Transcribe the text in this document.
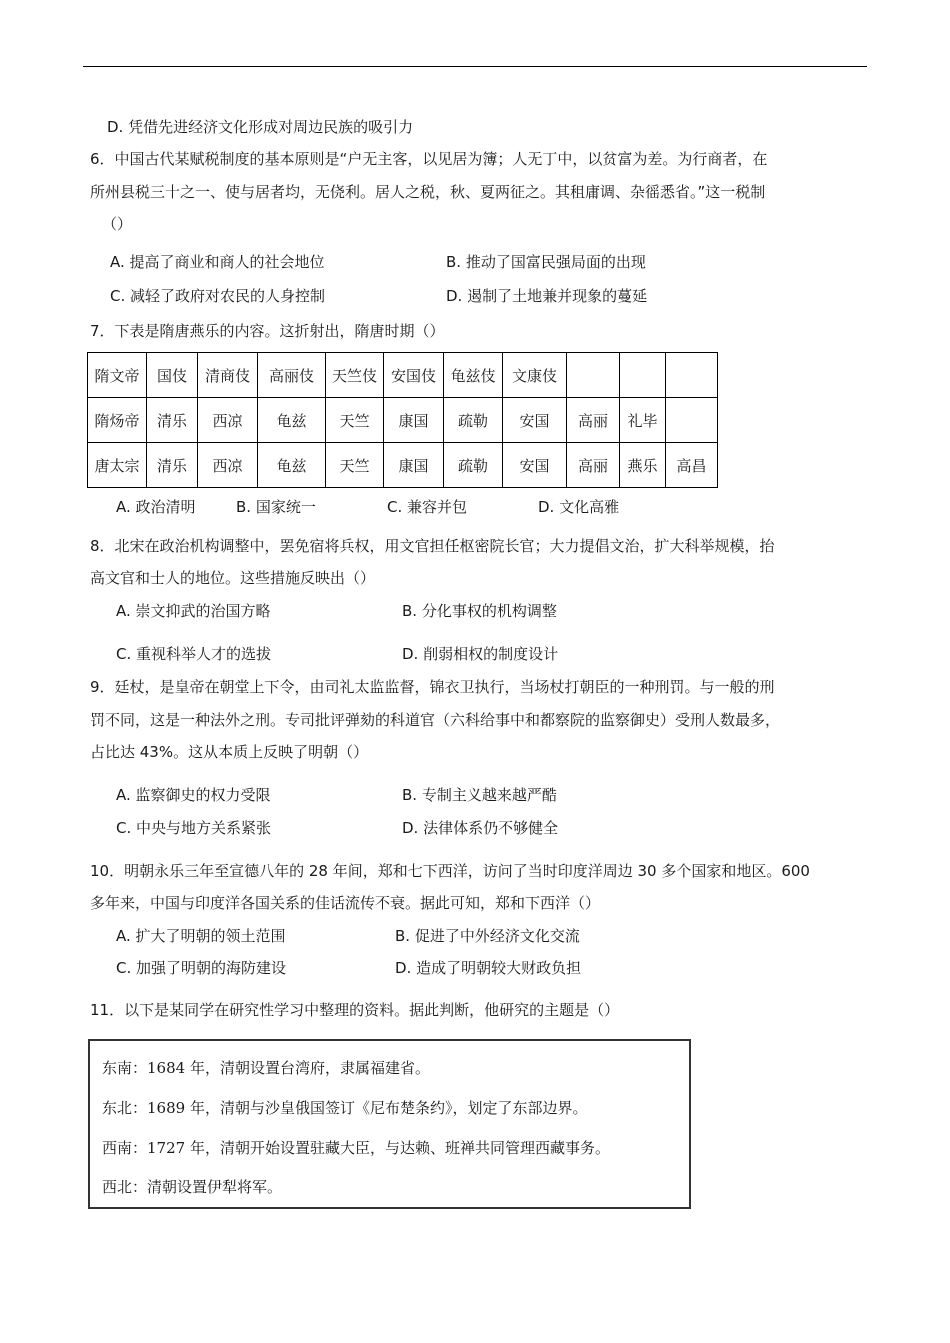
D. 凭借先进经济文化形成对周边民族的吸引力
6．中国古代某赋税制度的基本原则是“户无主客，以见居为簿；人无丁中，以贫富为差。为行商者，在
所州县税三十之一、使与居者均，无侥利。居人之税，秋、夏两征之。其租庸调、杂徭悉省。”这一税制
（）
A. 提高了商业和商人的社会地位	B. 推动了国富民强局面的出现
C. 减轻了政府对农民的人身控制	D. 遏制了土地兼并现象的蔓延
7．下表是隋唐燕乐的内容。这折射出，隋唐时期（）
隋文帝	国伎	清商伎	高丽伎	天竺伎	安国伎	龟兹伎	文康伎			
隋炀帝	清乐	西凉	龟兹	天竺	康国	疏勒	安国	高丽	礼毕	
唐太宗	清乐	西凉	龟兹	天竺	康国	疏勒	安国	高丽	燕乐	高昌
A. 政治清明	B. 国家统一	C. 兼容并包	D. 文化高雅
8．北宋在政治机构调整中，罢免宿将兵权，用文官担任枢密院长官；大力提倡文治，扩大科举规模，抬
高文官和士人的地位。这些措施反映出（）
A. 崇文抑武的治国方略	B. 分化事权的机构调整
C. 重视科举人才的选拔	D. 削弱相权的制度设计
9．廷杖，是皇帝在朝堂上下令，由司礼太监监督，锦衣卫执行，当场杖打朝臣的一种刑罚。与一般的刑
罚不同，这是一种法外之刑。专司批评弹劾的科道官（六科给事中和都察院的监察御史）受刑人数最多，
占比达 43%。这从本质上反映了明朝（）
A. 监察御史的权力受限	B. 专制主义越来越严酷
C. 中央与地方关系紧张	D. 法律体系仍不够健全
10．明朝永乐三年至宣德八年的 28 年间，郑和七下西洋，访问了当时印度洋周边 30 多个国家和地区。600
多年来，中国与印度洋各国关系的佳话流传不衰。据此可知，郑和下西洋（）
A. 扩大了明朝的领土范围	B. 促进了中外经济文化交流
C. 加强了明朝的海防建设	D. 造成了明朝较大财政负担
11．以下是某同学在研究性学习中整理的资料。据此判断，他研究的主题是（）
东南：1684 年，清朝设置台湾府，隶属福建省。
东北：1689 年，清朝与沙皇俄国签订《尼布楚条约》，划定了东部边界。
西南：1727 年，清朝开始设置驻藏大臣，与达赖、班禅共同管理西藏事务。
西北：清朝设置伊犁将军。
